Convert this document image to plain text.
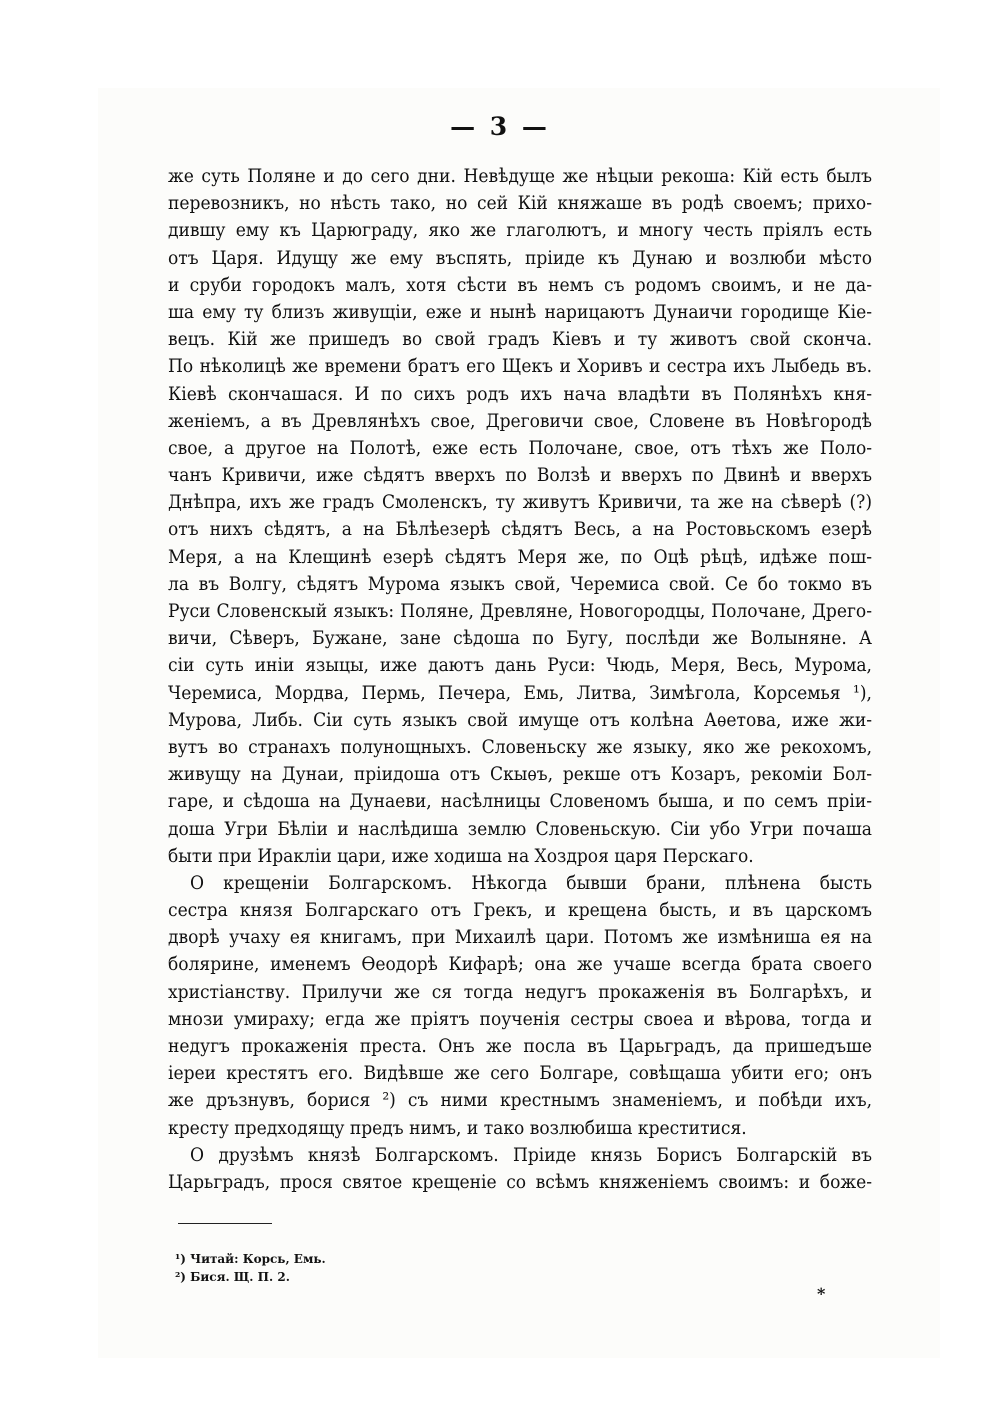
— 3 —
же суть Поляне и до сего дни. Невѣдуще же нѣцыи рекоша: Кій есть былъ
перевозникъ, но нѣсть тако, но сей Кій княжаше въ родѣ своемъ; прихо-
дившу ему къ Царюграду, яко же глаголютъ, и многу честь пріялъ есть
отъ Царя. Идущу же ему въспять, пріиде къ Дунаю и возлюби мѣсто
и сруби городокъ малъ, хотя сѣсти въ немъ съ родомъ своимъ, и не да-
ша ему ту близъ живущіи, еже и нынѣ нарицаютъ Дунаичи городище Кіе-
вецъ. Кій же пришедъ во свой градъ Кіевъ и ту животъ свой скончa.
По нѣколицѣ же времени братъ его Щекъ и Хоривъ и сестра ихъ Лыбедь въ.
Кіевѣ скончашася. И по сихъ родъ ихъ нача владѣти въ Полянѣхъ кня-
женіемъ, а въ Древлянѣхъ свое, Дреговичи свое, Словене въ Новѣгородѣ
свое, а другое на Полотѣ, еже есть Полочане, свое, отъ тѣхъ же Поло-
чанъ Кривичи, иже сѣдятъ вверхъ по Волзѣ и вверхъ по Двинѣ и вверхъ
Днѣпра, ихъ же градъ Смоленскъ, ту живутъ Кривичи, та же на сѣверѣ (?)
отъ нихъ сѣдятъ, а на Бѣлѣезерѣ сѣдятъ Весь, а на Ростовьскомъ езерѣ
Меря, а на Клещинѣ езерѣ сѣдятъ Меря же, по Оцѣ рѣцѣ, идѣже пош-
ла въ Волгу, сѣдятъ Мурома языкъ свой, Черемиса свой. Се бо токмо въ
Руси Словенскый языкъ: Поляне, Древляне, Новогородцы, Полочане, Дрего-
вичи, Сѣверъ, Бужане, зане сѣдоша по Бугу, послѣди же Волыняне. А
сіи суть иніи языцы, иже даютъ дань Руси: Чюдь, Меря, Весь, Мурома,
Черемиса, Мордва, Пермь, Печера, Емь, Литва, Зимѣгола, Корсемья ¹),
Мурова, Либь. Сіи суть языкъ свой имуще отъ колѣна Аѳетова, иже жи-
вутъ во странахъ полунощныхъ. Словеньску же языку, яко же рекохомъ,
живущу на Дунаи, пріидоша отъ Скыѳъ, рекше отъ Козаръ, рекоміи Бол-
гаре, и сѣдоша на Дунаеви, насѣлницы Словеномъ быша, и по семъ пріи-
доша Угри Бѣліи и наслѣдиша землю Словеньскую. Сіи убо Угри почаша
быти при Иракліи цари, иже ходиша на Хоздроя царя Перскаго.
О крещеніи Болгарскомъ. Нѣкогда бывши брани, плѣнена бысть
сестра князя Болгарскаго отъ Грекъ, и крещена бысть, и въ царскомъ
дворѣ учаху ея книгамъ, при Михаилѣ цари. Потомъ же измѣниша ея на
болярине, именемъ Ѳеодорѣ Кифарѣ; она же учаше всегда брата своего
христіанству. Прилучи же ся тогда недугъ прокаженія въ Болгарѣхъ, и
мнози умираху; егда же пріятъ поученія сестры своеа и вѣрова, тогда и
недугъ прокаженія преста. Онъ же посла въ Царьградъ, да пришедъше
іереи крестятъ его. Видѣвше же сего Болгаре, совѣщаша убити его; онъ
же дръзнувъ, борися ²) съ ними крестнымъ знаменіемъ, и побѣди ихъ,
кресту предходящу предъ нимъ, и тако возлюбиша креститися.
О друзѣмъ князѣ Болгарскомъ. Пріиде князь Борисъ Болгарскій въ
Царьградъ, прося святое крещеніе со всѣмъ княженіемъ своимъ: и боже-
¹) Читай: Корсь, Емь.
²) Бися. Щ. П. 2.
⁎
